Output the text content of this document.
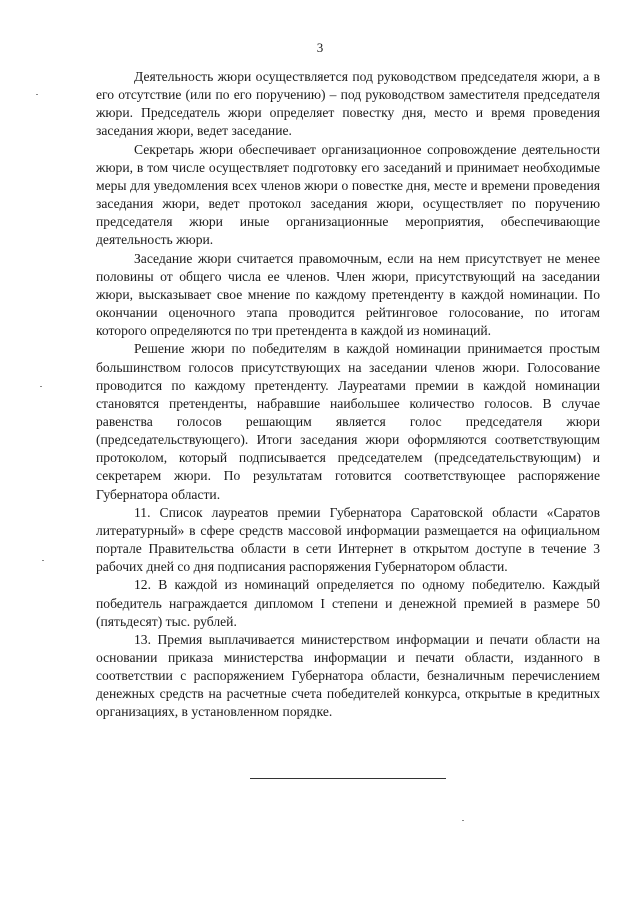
3

Деятельность жюри осуществляется под руководством председателя жюри, а в его отсутствие (или по его поручению) – под руководством заместителя председателя жюри. Председатель жюри определяет повестку дня, место и время проведения заседания жюри, ведет заседание.

Секретарь жюри обеспечивает организационное сопровождение деятельности жюри, в том числе осуществляет подготовку его заседаний и принимает необходимые меры для уведомления всех членов жюри о повестке дня, месте и времени проведения заседания жюри, ведет протокол заседания жюри, осуществляет по поручению председателя жюри иные организационные мероприятия, обеспечивающие деятельность жюри.

Заседание жюри считается правомочным, если на нем присутствует не менее половины от общего числа ее членов. Член жюри, присутствующий на заседании жюри, высказывает свое мнение по каждому претенденту в каждой номинации. По окончании оценочного этапа проводится рейтинговое голосование, по итогам которого определяются по три претендента в каждой из номинаций.

Решение жюри по победителям в каждой номинации принимается простым большинством голосов присутствующих на заседании членов жюри. Голосование проводится по каждому претенденту. Лауреатами премии в каждой номинации становятся претенденты, набравшие наибольшее количество голосов. В случае равенства голосов решающим является голос председателя жюри (председательствующего). Итоги заседания жюри оформляются соответствующим протоколом, который подписывается председателем (председательствующим) и секретарем жюри. По результатам готовится соответствующее распоряжение Губернатора области.

11. Список лауреатов премии Губернатора Саратовской области «Саратов литературный» в сфере средств массовой информации размещается на официальном портале Правительства области в сети Интернет в открытом доступе в течение 3 рабочих дней со дня подписания распоряжения Губернатором области.

12. В каждой из номинаций определяется по одному победителю. Каждый победитель награждается дипломом I степени и денежной премией в размере 50 (пятьдесят) тыс. рублей.

13. Премия выплачивается министерством информации и печати области на основании приказа министерства информации и печати области, изданного в соответствии с распоряжением Губернатора области, безналичным перечислением денежных средств на расчетные счета победителей конкурса, открытые в кредитных организациях, в установленном порядке.
